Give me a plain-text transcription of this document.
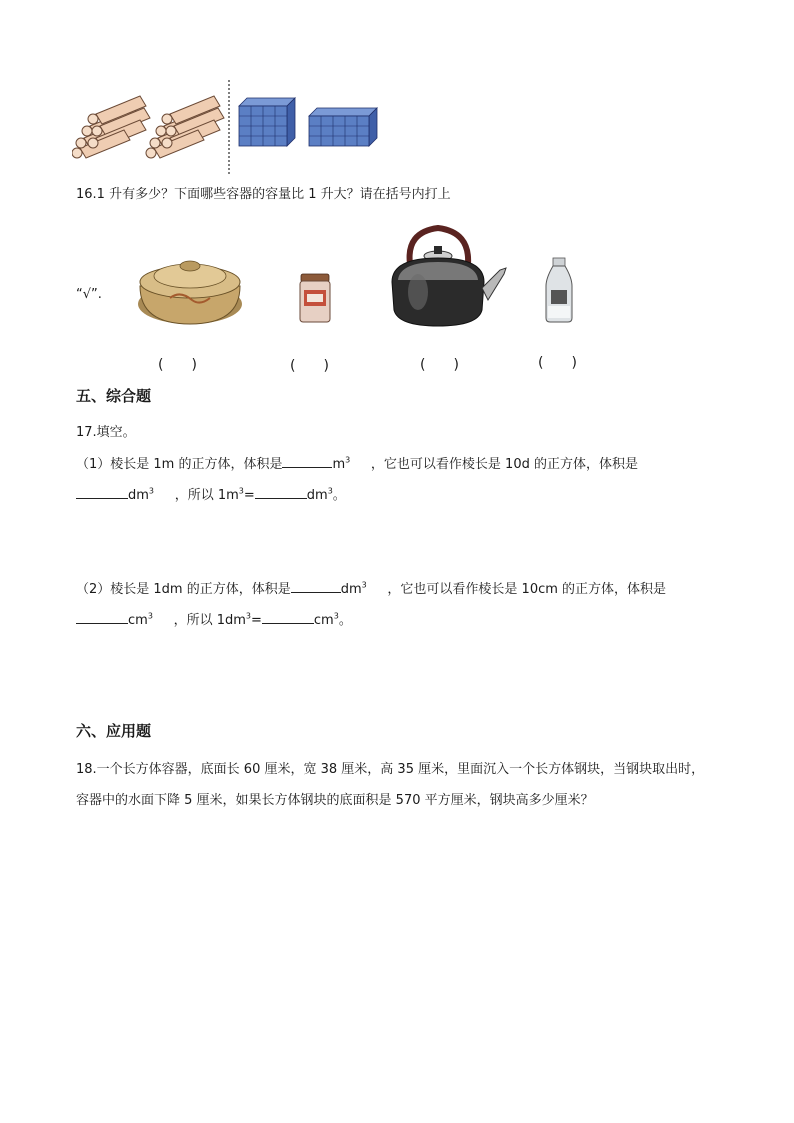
16.1 升有多少？下面哪些容器的容量比 1 升大？请在括号内打上
“√”.
(　　)	(　　)	(　　)	(　　)
五、综合题
17.填空。
（1）棱长是 1m 的正方体，体积是	$m^3$ ，它也可以看作棱长是 10d 的正方体，体积是
$dm^3$ ，所以 $1m^3=$	$dm^3$。
（2）棱长是 1dm 的正方体，体积是	$dm^3$ ，它也可以看作棱长是 10cm 的正方体，体积是
$cm^3$ ，所以 $1dm^3=$	$cm^3$。
六、应用题
18.一个长方体容器，底面长 60 厘米，宽 38 厘米，高 35 厘米，里面沉入一个长方体钢块，当钢块取出时，
容器中的水面下降 5 厘米，如果长方体钢块的底面积是 570 平方厘米，钢块高多少厘米？
